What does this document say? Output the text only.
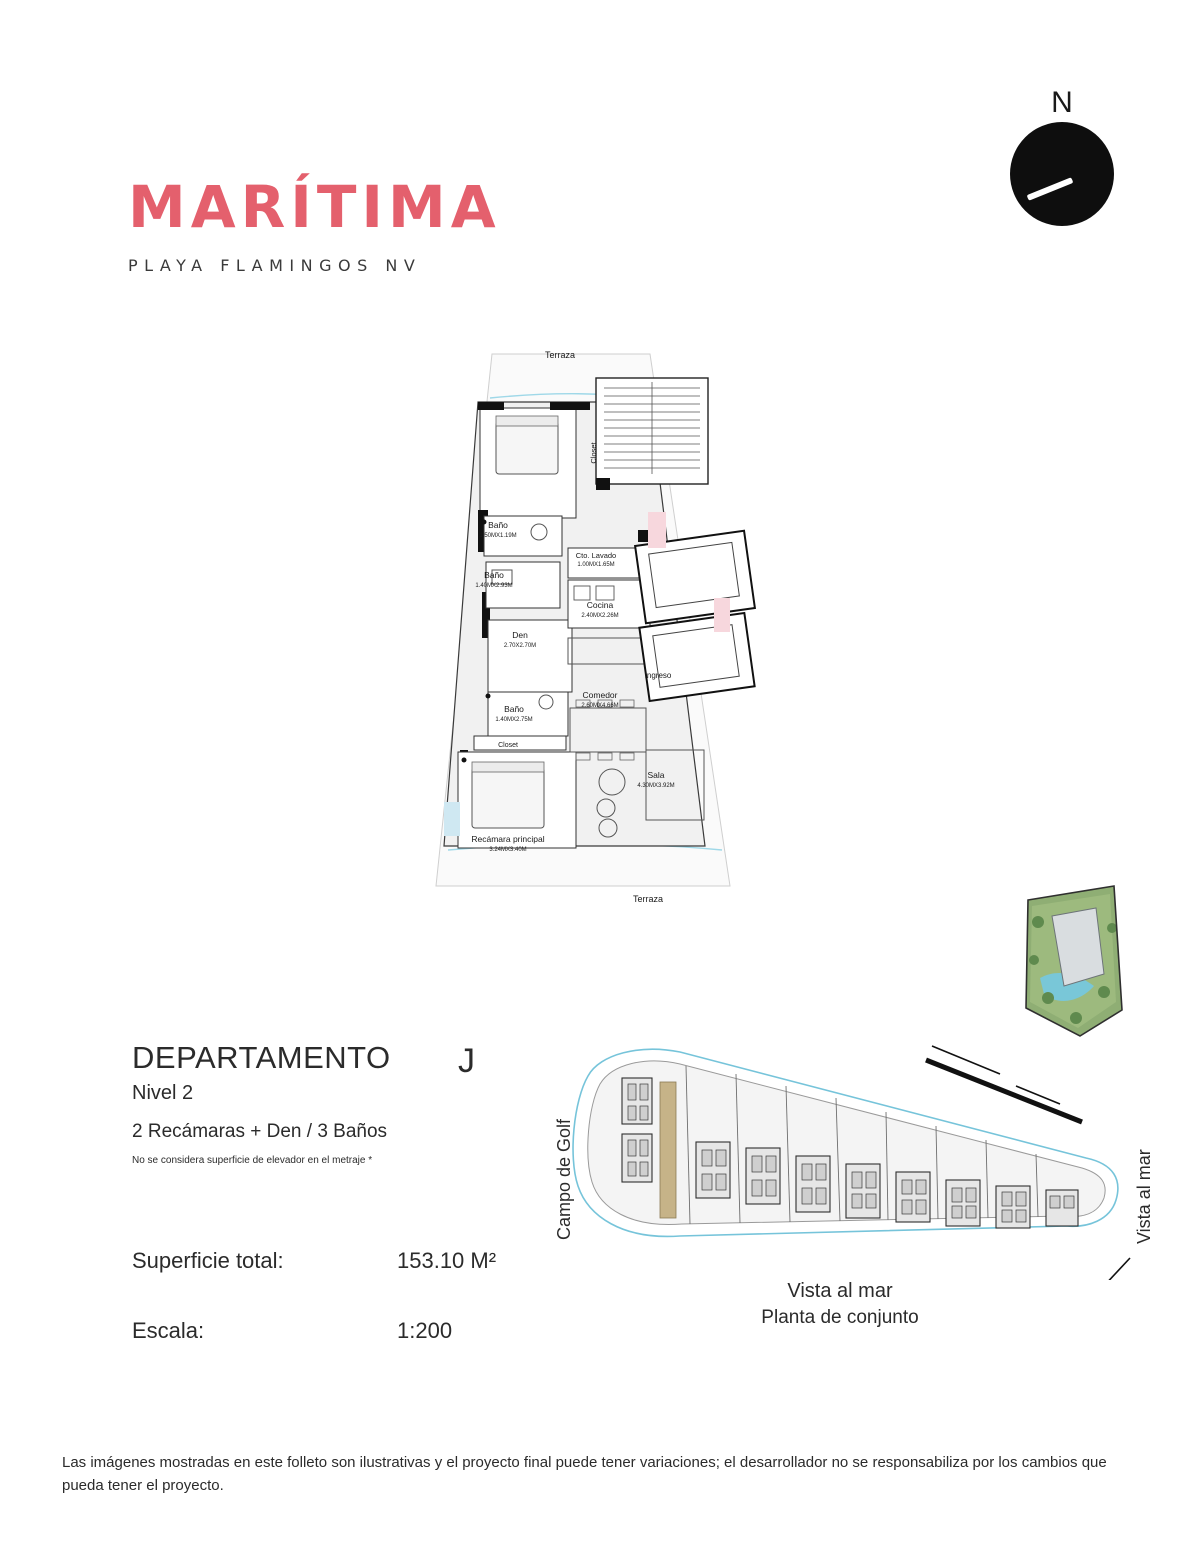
MARÍTIMA
PLAYA FLAMINGOS NV
N
Terraza
Closet
Baño
1.50MX1.19M
Baño
1.40MX2.93M
Cto. Lavado
1.00MX1.65M
Cocina
2.40MX2.26M
Den
2.70X2.70M
Ingreso
Comedor
2.60MX4.66M
Baño
1.40MX2.75M
Closet
Sala
4.30MX3.92M
Recámara principal
3.24MX3.40M
Terraza
DEPARTAMENTO
Nivel 2
2 Recámaras + Den / 3 Baños
No se considera superficie de elevador en el metraje *
J
Superficie total:	153.10 M²
Escala:	1:200
Campo de Golf	Vista al mar
Vista al mar
Planta de conjunto
Las imágenes mostradas en este folleto son ilustrativas y el proyecto final puede tener variaciones; el desarrollador no se responsabiliza por los cambios que pueda tener el proyecto.
